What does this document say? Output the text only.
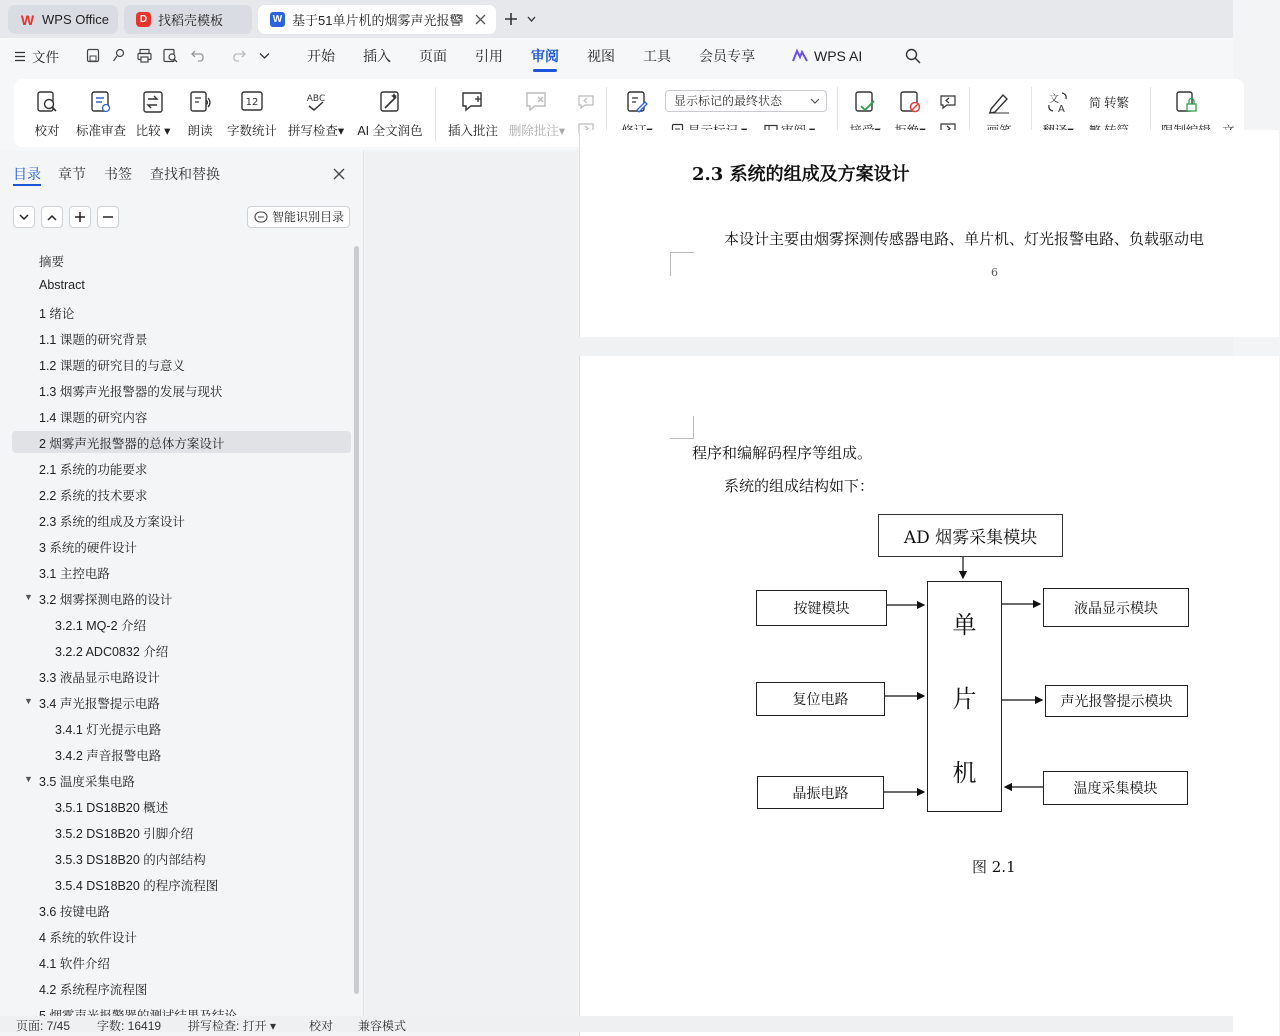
W WPS Office	D 找稻壳模板	W 基于51单片机的烟雾声光报警
文件	开始 插入 页面 引用 审阅 视图 工具 会员专享	WPS AI
校对 标准审查 比较 ▾ 朗读
12
字数统计
ABC
拼写检查▾ AI 全文润色 插入批注 删除批注▾
显示标记的最终状态	文
A 简 转繁
目录 章节 书签 查找和替换
智能识别目录
摘要
Abstract
1 绪论
1.1 课题的研究背景
1.2 课题的研究目的与意义
1.3 烟雾声光报警器的发展与现状
1.4 课题的研究内容
2 烟雾声光报警器的总体方案设计
2.1 系统的功能要求
2.2 系统的技术要求
2.3 系统的组成及方案设计
3 系统的硬件设计
3.1 主控电路
▼ 3.2 烟雾探测电路的设计
3.2.1 MQ-2 介绍
3.2.2 ADC0832 介绍
3.3 液晶显示电路设计
▼ 3.4 声光报警提示电路
3.4.1 灯光提示电路
3.4.2 声音报警电路
▼ 3.5 温度采集电路
3.5.1 DS18B20 概述
3.5.2 DS18B20 引脚介绍
3.5.3 DS18B20 的内部结构
3.5.4 DS18B20 的程序流程图
3.6 按键电路
4 系统的软件设计
4.1 软件介绍
4.2 系统程序流程图
2.3 系统的组成及方案设计
本设计主要由烟雾探测传感器电路、单片机、灯光报警电路、负载驱动电
6
程序和编解码程序等组成。
系统的组成结构如下：
AD 烟雾采集模块
单
片
机
按键模块
复位电路
晶振电路
液晶显示模块
声光报警提示模块
温度采集模块
图 2.1
页面: 7/45 字数: 16419 拼写检查: 打开 ▾	校对 兼容模式
